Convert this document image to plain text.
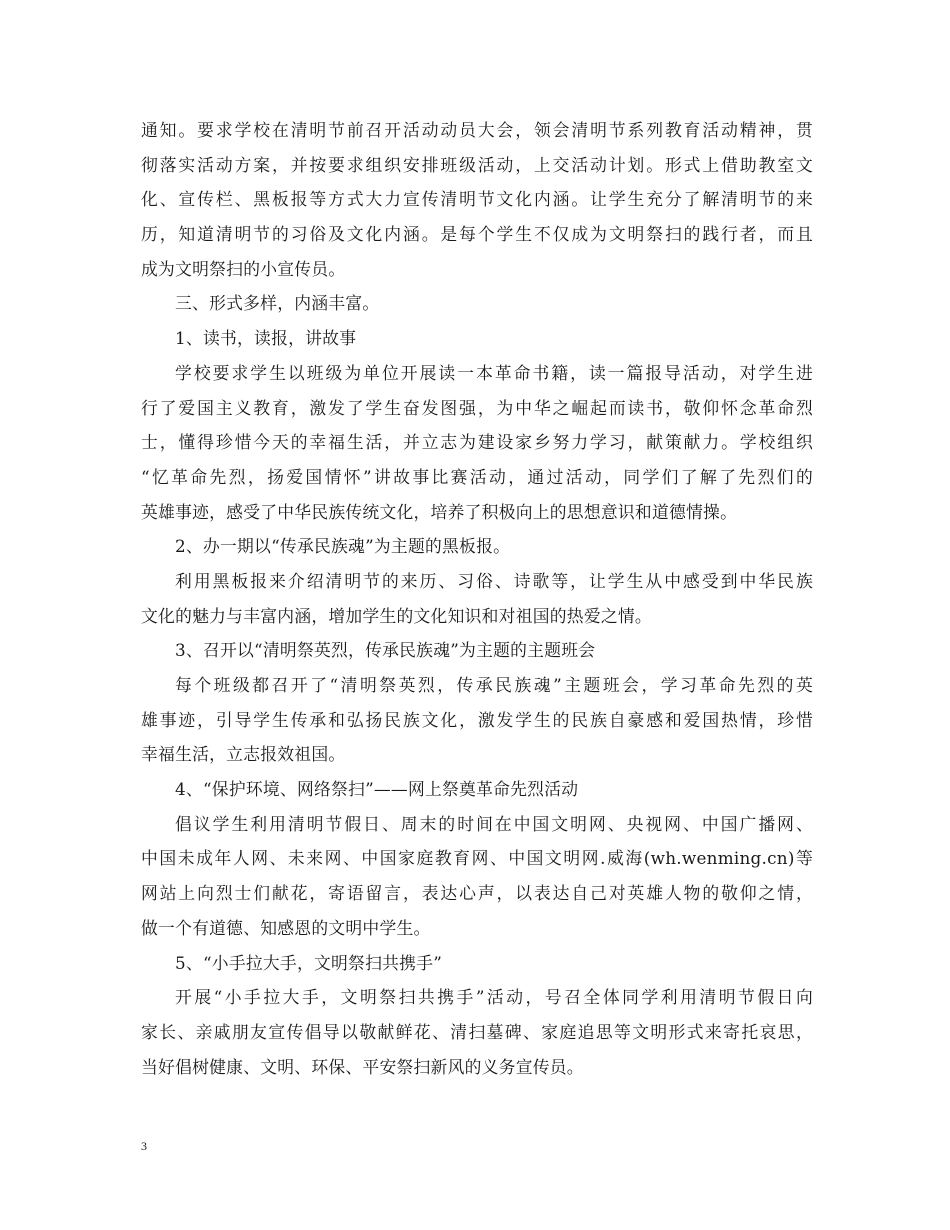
通知。要求学校在清明节前召开活动动员大会，领会清明节系列教育活动精神，贯
彻落实活动方案，并按要求组织安排班级活动，上交活动计划。形式上借助教室文
化、宣传栏、黑板报等方式大力宣传清明节文化内涵。让学生充分了解清明节的来
历，知道清明节的习俗及文化内涵。是每个学生不仅成为文明祭扫的践行者，而且
成为文明祭扫的小宣传员。
三、形式多样，内涵丰富。
1、读书，读报，讲故事
学校要求学生以班级为单位开展读一本革命书籍，读一篇报导活动，对学生进
行了爱国主义教育，激发了学生奋发图强，为中华之崛起而读书，敬仰怀念革命烈
士，懂得珍惜今天的幸福生活，并立志为建设家乡努力学习，献策献力。学校组织
“忆革命先烈，扬爱国情怀”讲故事比赛活动，通过活动，同学们了解了先烈们的
英雄事迹，感受了中华民族传统文化，培养了积极向上的思想意识和道德情操。
2、办一期以“传承民族魂”为主题的黑板报。
利用黑板报来介绍清明节的来历、习俗、诗歌等，让学生从中感受到中华民族
文化的魅力与丰富内涵，增加学生的文化知识和对祖国的热爱之情。
3、召开以“清明祭英烈，传承民族魂”为主题的主题班会
每个班级都召开了“清明祭英烈，传承民族魂”主题班会，学习革命先烈的英
雄事迹，引导学生传承和弘扬民族文化，激发学生的民族自豪感和爱国热情，珍惜
幸福生活，立志报效祖国。
4、“保护环境、网络祭扫”——网上祭奠革命先烈活动
倡议学生利用清明节假日、周末的时间在中国文明网、央视网、中国广播网、
中国未成年人网、未来网、中国家庭教育网、中国文明网.威海(wh.wenming.cn)等
网站上向烈士们献花，寄语留言，表达心声，以表达自己对英雄人物的敬仰之情，
做一个有道德、知感恩的文明中学生。
5、“小手拉大手，文明祭扫共携手”
开展“小手拉大手，文明祭扫共携手”活动，号召全体同学利用清明节假日向
家长、亲戚朋友宣传倡导以敬献鲜花、清扫墓碑、家庭追思等文明形式来寄托哀思，
当好倡树健康、文明、环保、平安祭扫新风的义务宣传员。
3
